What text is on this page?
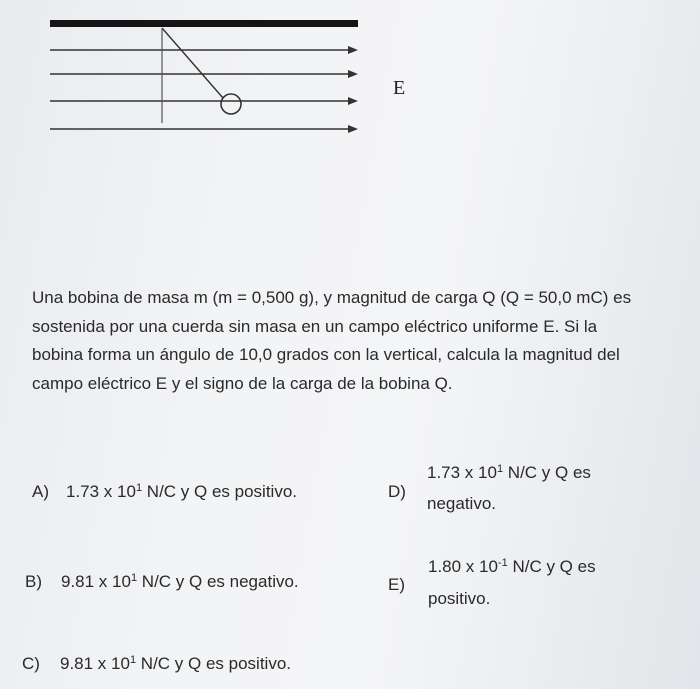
E

Una bobina de masa m (m = 0,500 g), y magnitud de carga Q (Q = 50,0 mC) es sostenida por una cuerda sin masa en un campo eléctrico uniforme E. Si la bobina forma un ángulo de 10,0 grados con la vertical, calcula la magnitud del campo eléctrico E y el signo de la carga de la bobina Q.

A) 1.73 x $10^1$ N/C y Q es positivo.
B) 9.81 x $10^1$ N/C y Q es negativo.
C) 9.81 x $10^1$ N/C y Q es positivo.
D)
1.73 x $10^1$ N/C y Q es
negativo.
E)
1.80 x $10^{-1}$ N/C y Q es
positivo.
